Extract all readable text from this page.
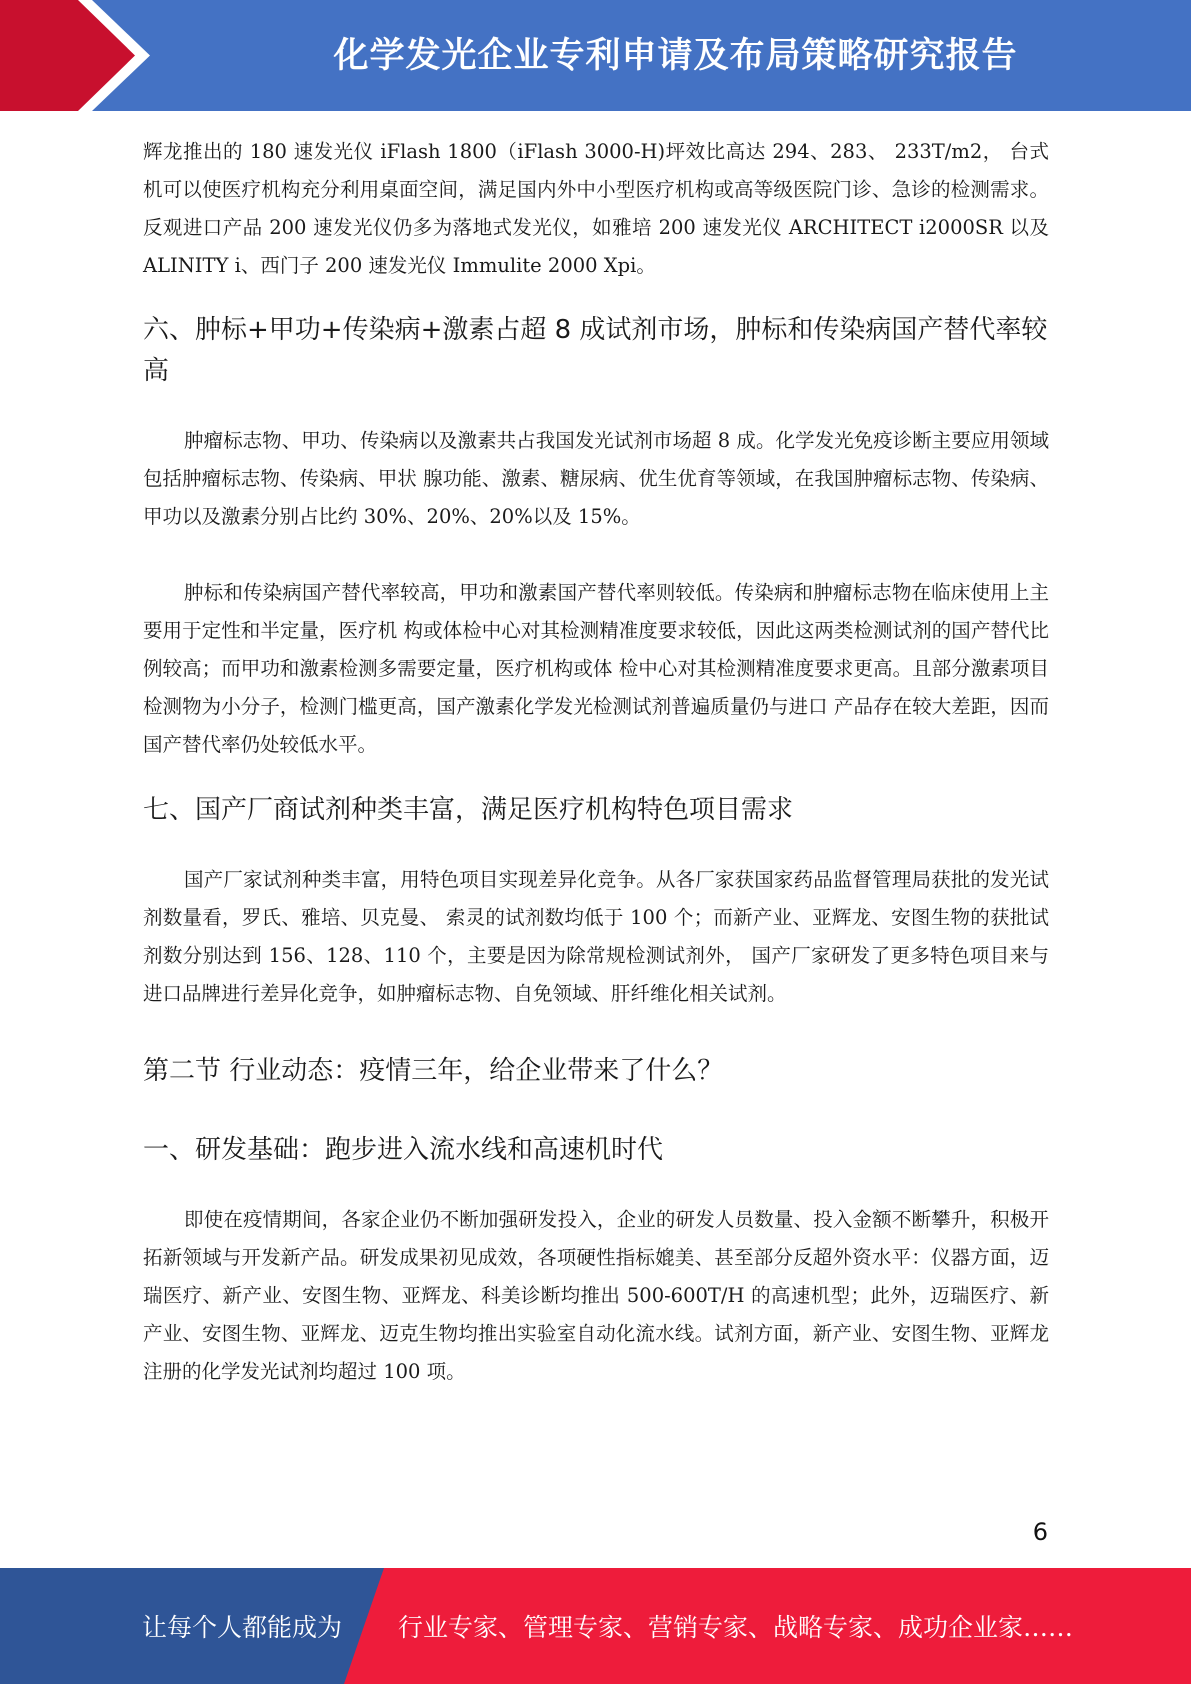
化学发光企业专利申请及布局策略研究报告

辉龙推出的 180 速发光仪 iFlash 1800（iFlash 3000-H)坪效比高达 294、283、 233T/m2， 台式机可以使医疗机构充分利用桌面空间，满足国内外中小型医疗机构或高等级医院门诊、急诊的检测需求。反观进口产品 200 速发光仪仍多为落地式发光仪，如雅培 200 速发光仪 ARCHITECT i2000SR 以及 ALINITY i、西门子 200 速发光仪 Immulite 2000 Xpi。

六、肿标+甲功+传染病+激素占超 8 成试剂市场，肿标和传染病国产替代率较高

肿瘤标志物、甲功、传染病以及激素共占我国发光试剂市场超 8 成。化学发光免疫诊断主要应用领域包括肿瘤标志物、传染病、甲状 腺功能、激素、糖尿病、优生优育等领域，在我国肿瘤标志物、传染病、甲功以及激素分别占比约 30%、20%、20%以及 15%。

肿标和传染病国产替代率较高，甲功和激素国产替代率则较低。传染病和肿瘤标志物在临床使用上主要用于定性和半定量，医疗机 构或体检中心对其检测精准度要求较低，因此这两类检测试剂的国产替代比例较高；而甲功和激素检测多需要定量，医疗机构或体 检中心对其检测精准度要求更高。且部分激素项目检测物为小分子，检测门槛更高，国产激素化学发光检测试剂普遍质量仍与进口 产品存在较大差距，因而国产替代率仍处较低水平。

七、国产厂商试剂种类丰富，满足医疗机构特色项目需求

国产厂家试剂种类丰富，用特色项目实现差异化竞争。从各厂家获国家药品监督管理局获批的发光试剂数量看，罗氏、雅培、贝克曼、 索灵的试剂数均低于 100 个；而新产业、亚辉龙、安图生物的获批试剂数分别达到 156、128、110 个，主要是因为除常规检测试剂外， 国产厂家研发了更多特色项目来与进口品牌进行差异化竞争，如肿瘤标志物、自免领域、肝纤维化相关试剂。

第二节 行业动态：疫情三年，给企业带来了什么？
一、研发基础：跑步进入流水线和高速机时代

即使在疫情期间，各家企业仍不断加强研发投入，企业的研发人员数量、投入金额不断攀升，积极开拓新领域与开发新产品。研发成果初见成效，各项硬性指标媲美、甚至部分反超外资水平：仪器方面，迈瑞医疗、新产业、安图生物、亚辉龙、科美诊断均推出 500-600T/H 的高速机型；此外，迈瑞医疗、新产业、安图生物、亚辉龙、迈克生物均推出实验室自动化流水线。试剂方面，新产业、安图生物、亚辉龙注册的化学发光试剂均超过 100 项。

6
让每个人都能成为 行业专家、管理专家、营销专家、战略专家、成功企业家……
